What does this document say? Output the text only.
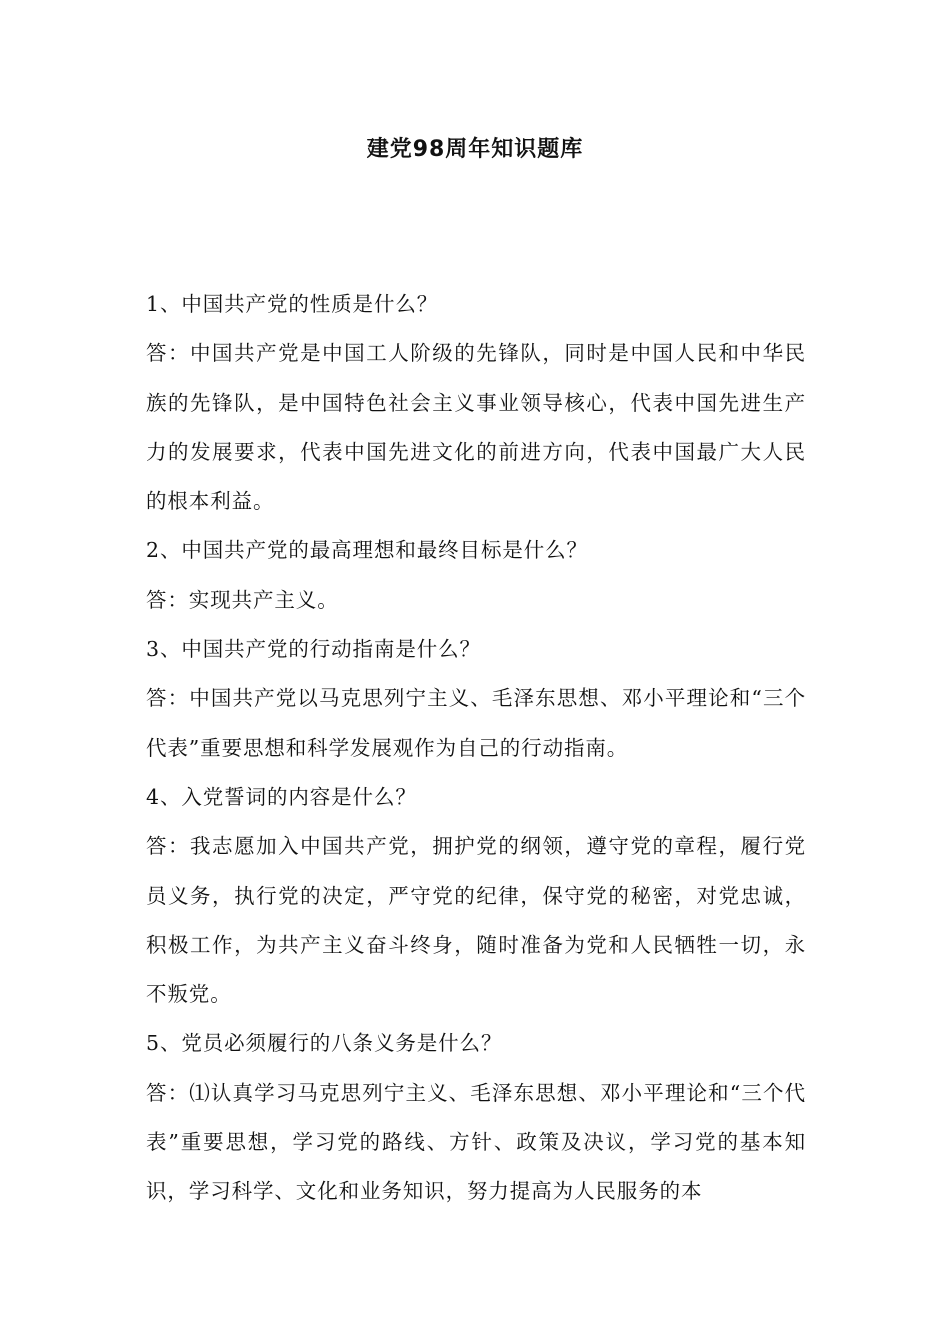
建党98周年知识题库

1、中国共产党的性质是什么？

答：中国共产党是中国工人阶级的先锋队，同时是中国人民和中华民族的先锋队，是中国特色社会主义事业领导核心，代表中国先进生产力的发展要求，代表中国先进文化的前进方向，代表中国最广大人民的根本利益。

2、中国共产党的最高理想和最终目标是什么？

答：实现共产主义。

3、中国共产党的行动指南是什么？

答：中国共产党以马克思列宁主义、毛泽东思想、邓小平理论和“三个代表”重要思想和科学发展观作为自己的行动指南。

4、入党誓词的内容是什么？

答：我志愿加入中国共产党，拥护党的纲领，遵守党的章程，履行党员义务，执行党的决定，严守党的纪律，保守党的秘密，对党忠诚，积极工作，为共产主义奋斗终身，随时准备为党和人民牺牲一切，永不叛党。

5、党员必须履行的八条义务是什么？

答：⑴认真学习马克思列宁主义、毛泽东思想、邓小平理论和“三个代表”重要思想，学习党的路线、方针、政策及决议，学习党的基本知识，学习科学、文化和业务知识，努力提高为人民服务的本
